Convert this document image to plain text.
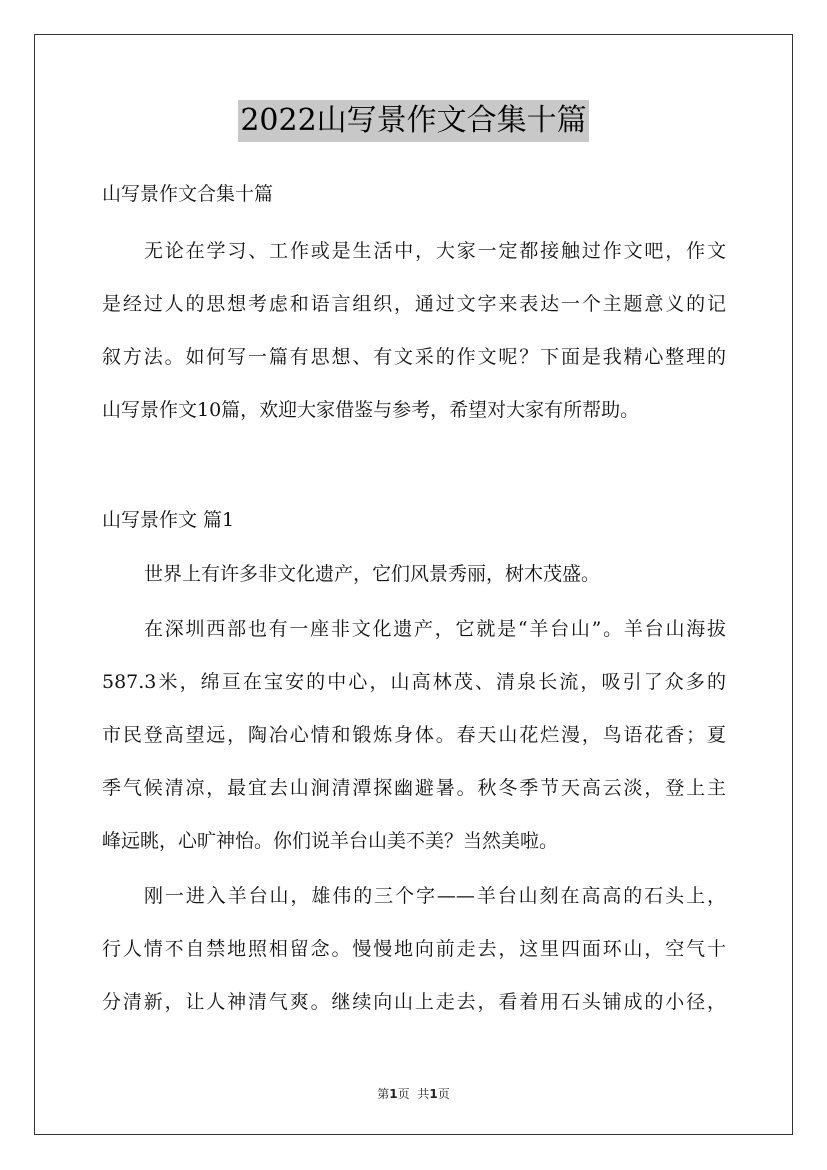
2022山写景作文合集十篇
山写景作文合集十篇
无论在学习、工作或是生活中，大家一定都接触过作文吧，作文
是经过人的思想考虑和语言组织，通过文字来表达一个主题意义的记
叙方法。如何写一篇有思想、有文采的作文呢？下面是我精心整理的
山写景作文10篇，欢迎大家借鉴与参考，希望对大家有所帮助。
山写景作文 篇1
世界上有许多非文化遗产，它们风景秀丽，树木茂盛。
在深圳西部也有一座非文化遗产，它就是“羊台山”。羊台山海拔
587.3米，绵亘在宝安的中心，山高林茂、清泉长流，吸引了众多的
市民登高望远，陶冶心情和锻炼身体。春天山花烂漫，鸟语花香；夏
季气候清凉，最宜去山涧清潭探幽避暑。秋冬季节天高云淡，登上主
峰远眺，心旷神怡。你们说羊台山美不美？当然美啦。
刚一进入羊台山，雄伟的三个字——羊台山刻在高高的石头上，
行人情不自禁地照相留念。慢慢地向前走去，这里四面环山，空气十
分清新，让人神清气爽。继续向山上走去，看着用石头铺成的小径，
第1页 共1页
